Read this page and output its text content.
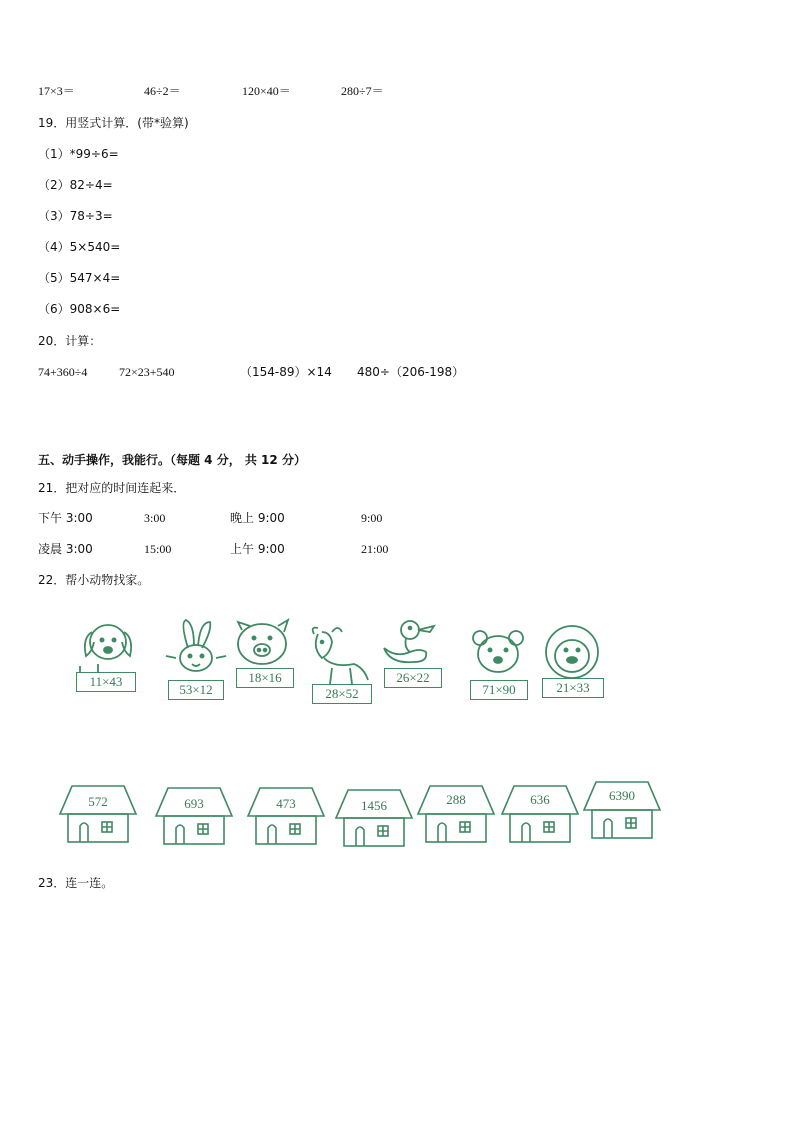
17×3＝	46÷2＝	120×40＝	280÷7＝
19．用竖式计算．(带*验算)
（1）*99÷6=
（2）82÷4=
（3）78÷3=
（4）5×540=
（5）547×4=
（6）908×6=
20．计算：
74+360÷4	72×23+540	（154-89）×14 480÷（206-198）
五、动手操作，我能行。（每题 4 分， 共 12 分）
21．把对应的时间连起来．
下午 3:00	3:00	晚上 9:00	9:00
凌晨 3:00	15:00	上午 9:00	21:00
22．帮小动物找家。
11×43
53×12
18×16
28×52
26×22
71×90	21×33
572	693	473	1456	288	636	6390
23．连一连。
